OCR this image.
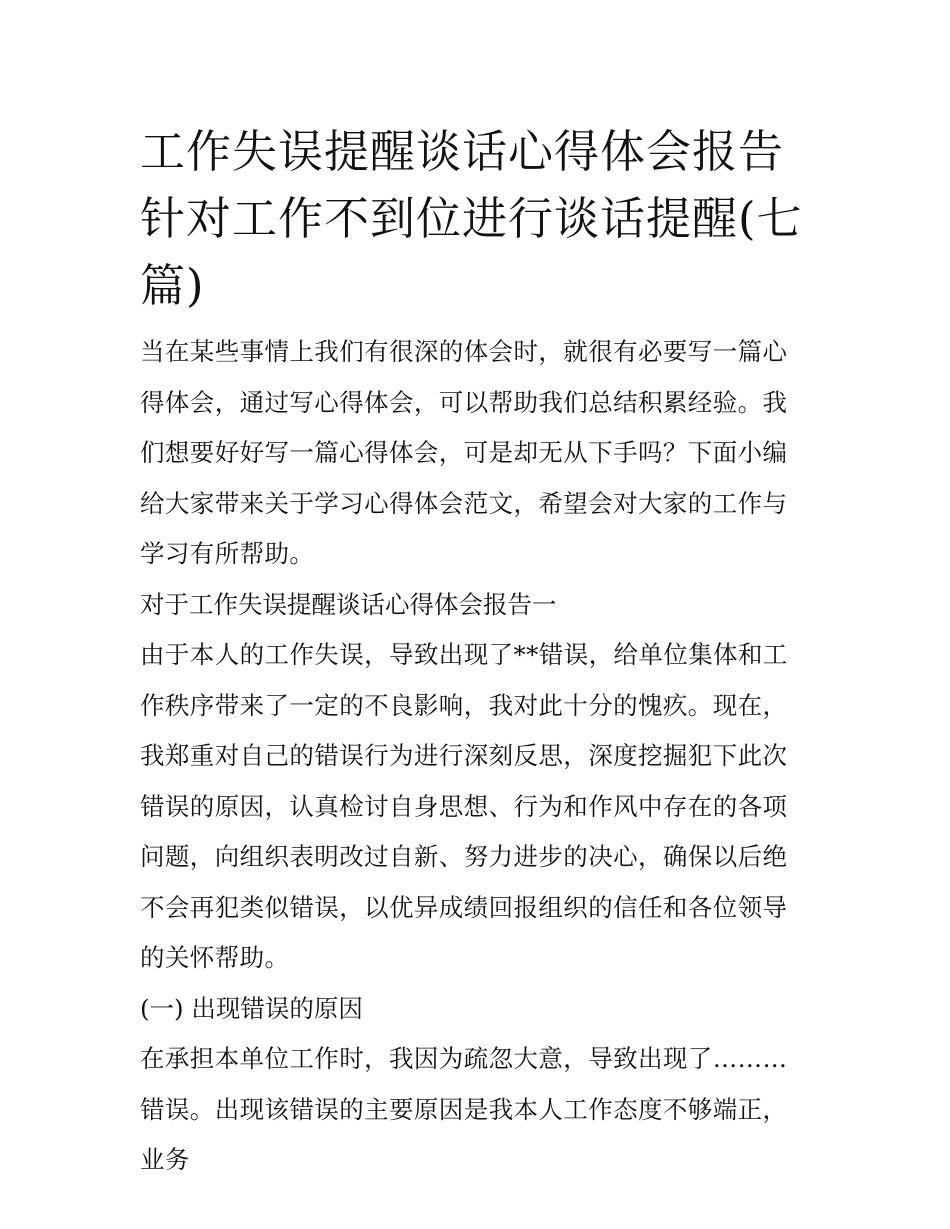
工作失误提醒谈话心得体会报告 针对工作不到位进行谈话提醒(七篇)

当在某些事情上我们有很深的体会时，就很有必要写一篇心得体会，通过写心得体会，可以帮助我们总结积累经验。我们想要好好写一篇心得体会，可是却无从下手吗？下面小编给大家带来关于学习心得体会范文，希望会对大家的工作与学习有所帮助。

对于工作失误提醒谈话心得体会报告一

由于本人的工作失误，导致出现了**错误，给单位集体和工作秩序带来了一定的不良影响，我对此十分的愧疚。现在，我郑重对自己的错误行为进行深刻反思，深度挖掘犯下此次错误的原因，认真检讨自身思想、行为和作风中存在的各项问题，向组织表明改过自新、努力进步的决心，确保以后绝不会再犯类似错误，以优异成绩回报组织的信任和各位领导的关怀帮助。

(一) 出现错误的原因

在承担本单位工作时，我因为疏忽大意，导致出现了………错误。出现该错误的主要原因是我本人工作态度不够端正，业务
